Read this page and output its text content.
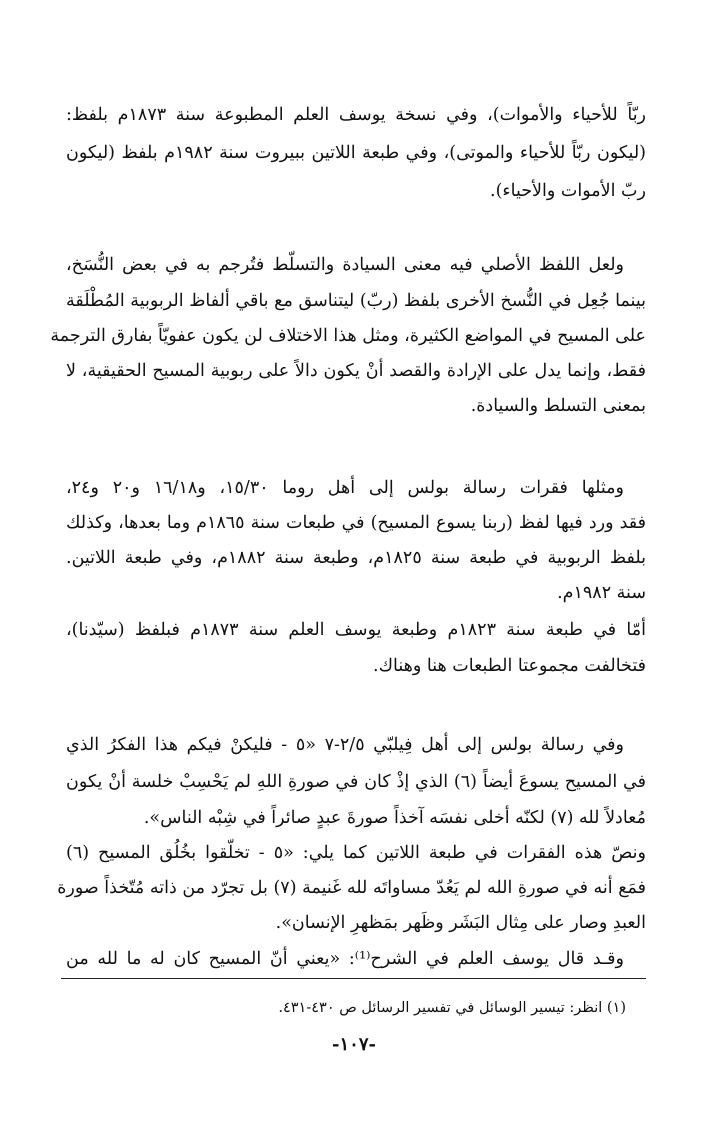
ربّاً للأحياء والأموات)، وفي نسخة يوسف العلم المطبوعة سنة ١٨٧٣م بلفظ:
(ليكون ربّاً للأحياء والموتى)، وفي طبعة اللاتين ببيروت سنة ١٩٨٢م بلفظ (ليكون
ربّ الأموات والأحياء).
ولعل اللفظ الأصلي فيه معنى السيادة والتسلّط فتُرجم به في بعض النُّسَخ،
بينما جُعِل في النُّسخ الأخرى بلفظ (ربّ) ليتناسق مع باقي ألفاظ الربوبية المُطْلَقة
على المسيح في المواضع الكثيرة، ومثل هذا الاختلاف لن يكون عفويّاً بفارق الترجمة
فقط، وإنما يدل على الإرادة والقصد أنْ يكون دالاً على ربوبية المسيح الحقيقية، لا
بمعنى التسلط والسيادة.
ومثلها فقرات رسالة بولس إلى أهل روما ١٥/٣٠، و١٦/١٨ و٢٠ و٢٤،
فقد ورد فيها لفظ (ربنا يسوع المسيح) في طبعات سنة ١٨٦٥م وما بعدها، وكذلك
بلفظ الربوبية في طبعة سنة ١٨٢٥م، وطبعة سنة ١٨٨٢م، وفي طبعة اللاتين.
سنة ١٩٨٢م.
أمّا في طبعة سنة ١٨٢٣م وطبعة يوسف العلم سنة ١٨٧٣م فبلفظ (سيّدنا)،
فتخالفت مجموعتا الطبعات هنا وهناك.
وفي رسالة بولس إلى أهل فِيلبّي ٢/٥-٧ «٥ - فليكنْ فيكم هذا الفكرُ الذي
في المسيح يسوعَ أيضاً (٦) الذي إذْ كان في صورةِ اللهِ لم يَحْسِبْ خلسة أنْ يكون
مُعادلاً لله (٧) لكنّه أخلى نفسَه آخذاً صورةَ عبدٍ صائراً في شِبْه الناس».
ونصّ هذه الفقرات في طبعة اللاتين كما يلي: «٥ - تخلّقوا بخُلُق المسيح (٦)
فمَع أنه في صورةِ الله لم يَعُدّ مساواتَه لله غَنيمة (٧) بل تجرّد من ذاته مُتّخذاً صورة
العبدِ وصار على مِثال البَشَر وظَهر بمَظهرِ الإنسان».
وقـد قال يوسف العلم في الشرح⁽¹⁾: «يعني أنّ المسيح كان له ما لله من
(١) انظر: تيسير الوسائل في تفسير الرسائل ص ٤٣٠-٤٣١.
-١٠٧-
